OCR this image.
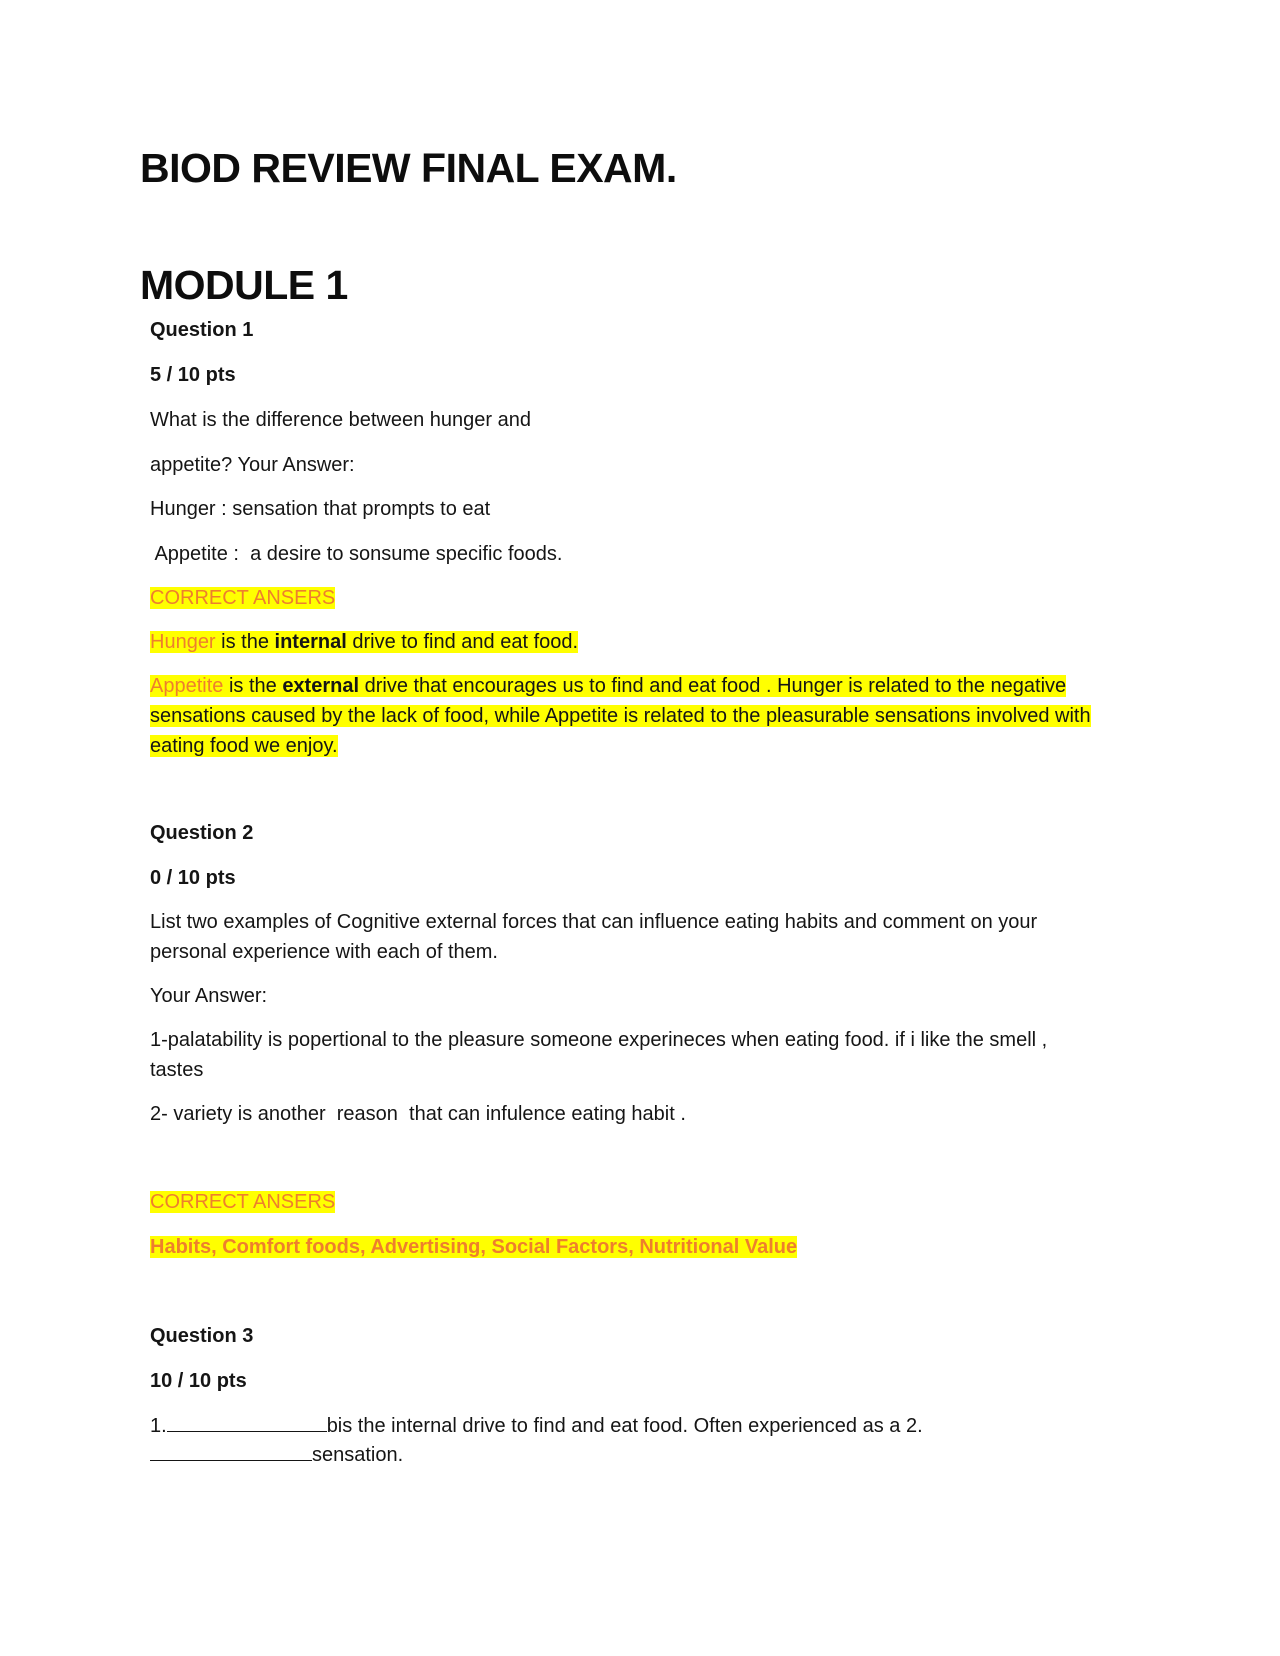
BIOD REVIEW FINAL EXAM.
MODULE 1
Question 1
5 / 10 pts
What is the difference between hunger and
appetite? Your Answer:
Hunger : sensation that prompts to eat
Appetite :  a desire to sonsume specific foods.
CORRECT ANSERS
Hunger is the internal drive to find and eat food.
Appetite is the external drive that encourages us to find and eat food . Hunger is related to the negative sensations caused by the lack of food, while Appetite is related to the pleasurable sensations involved with eating food we enjoy.
Question 2
0 / 10 pts
List two examples of Cognitive external forces that can influence eating habits and comment on your personal experience with each of them.
Your Answer:
1-palatability is popertional to the pleasure someone experineces when eating food. if i like the smell , tastes
2- variety is another  reason  that can infulence eating habit .
CORRECT ANSERS
Habits, Comfort foods, Advertising, Social Factors, Nutritional Value
Question 3
10 / 10 pts
1.	bis the internal drive to find and eat food. Often experienced as a 2.
sensation.
